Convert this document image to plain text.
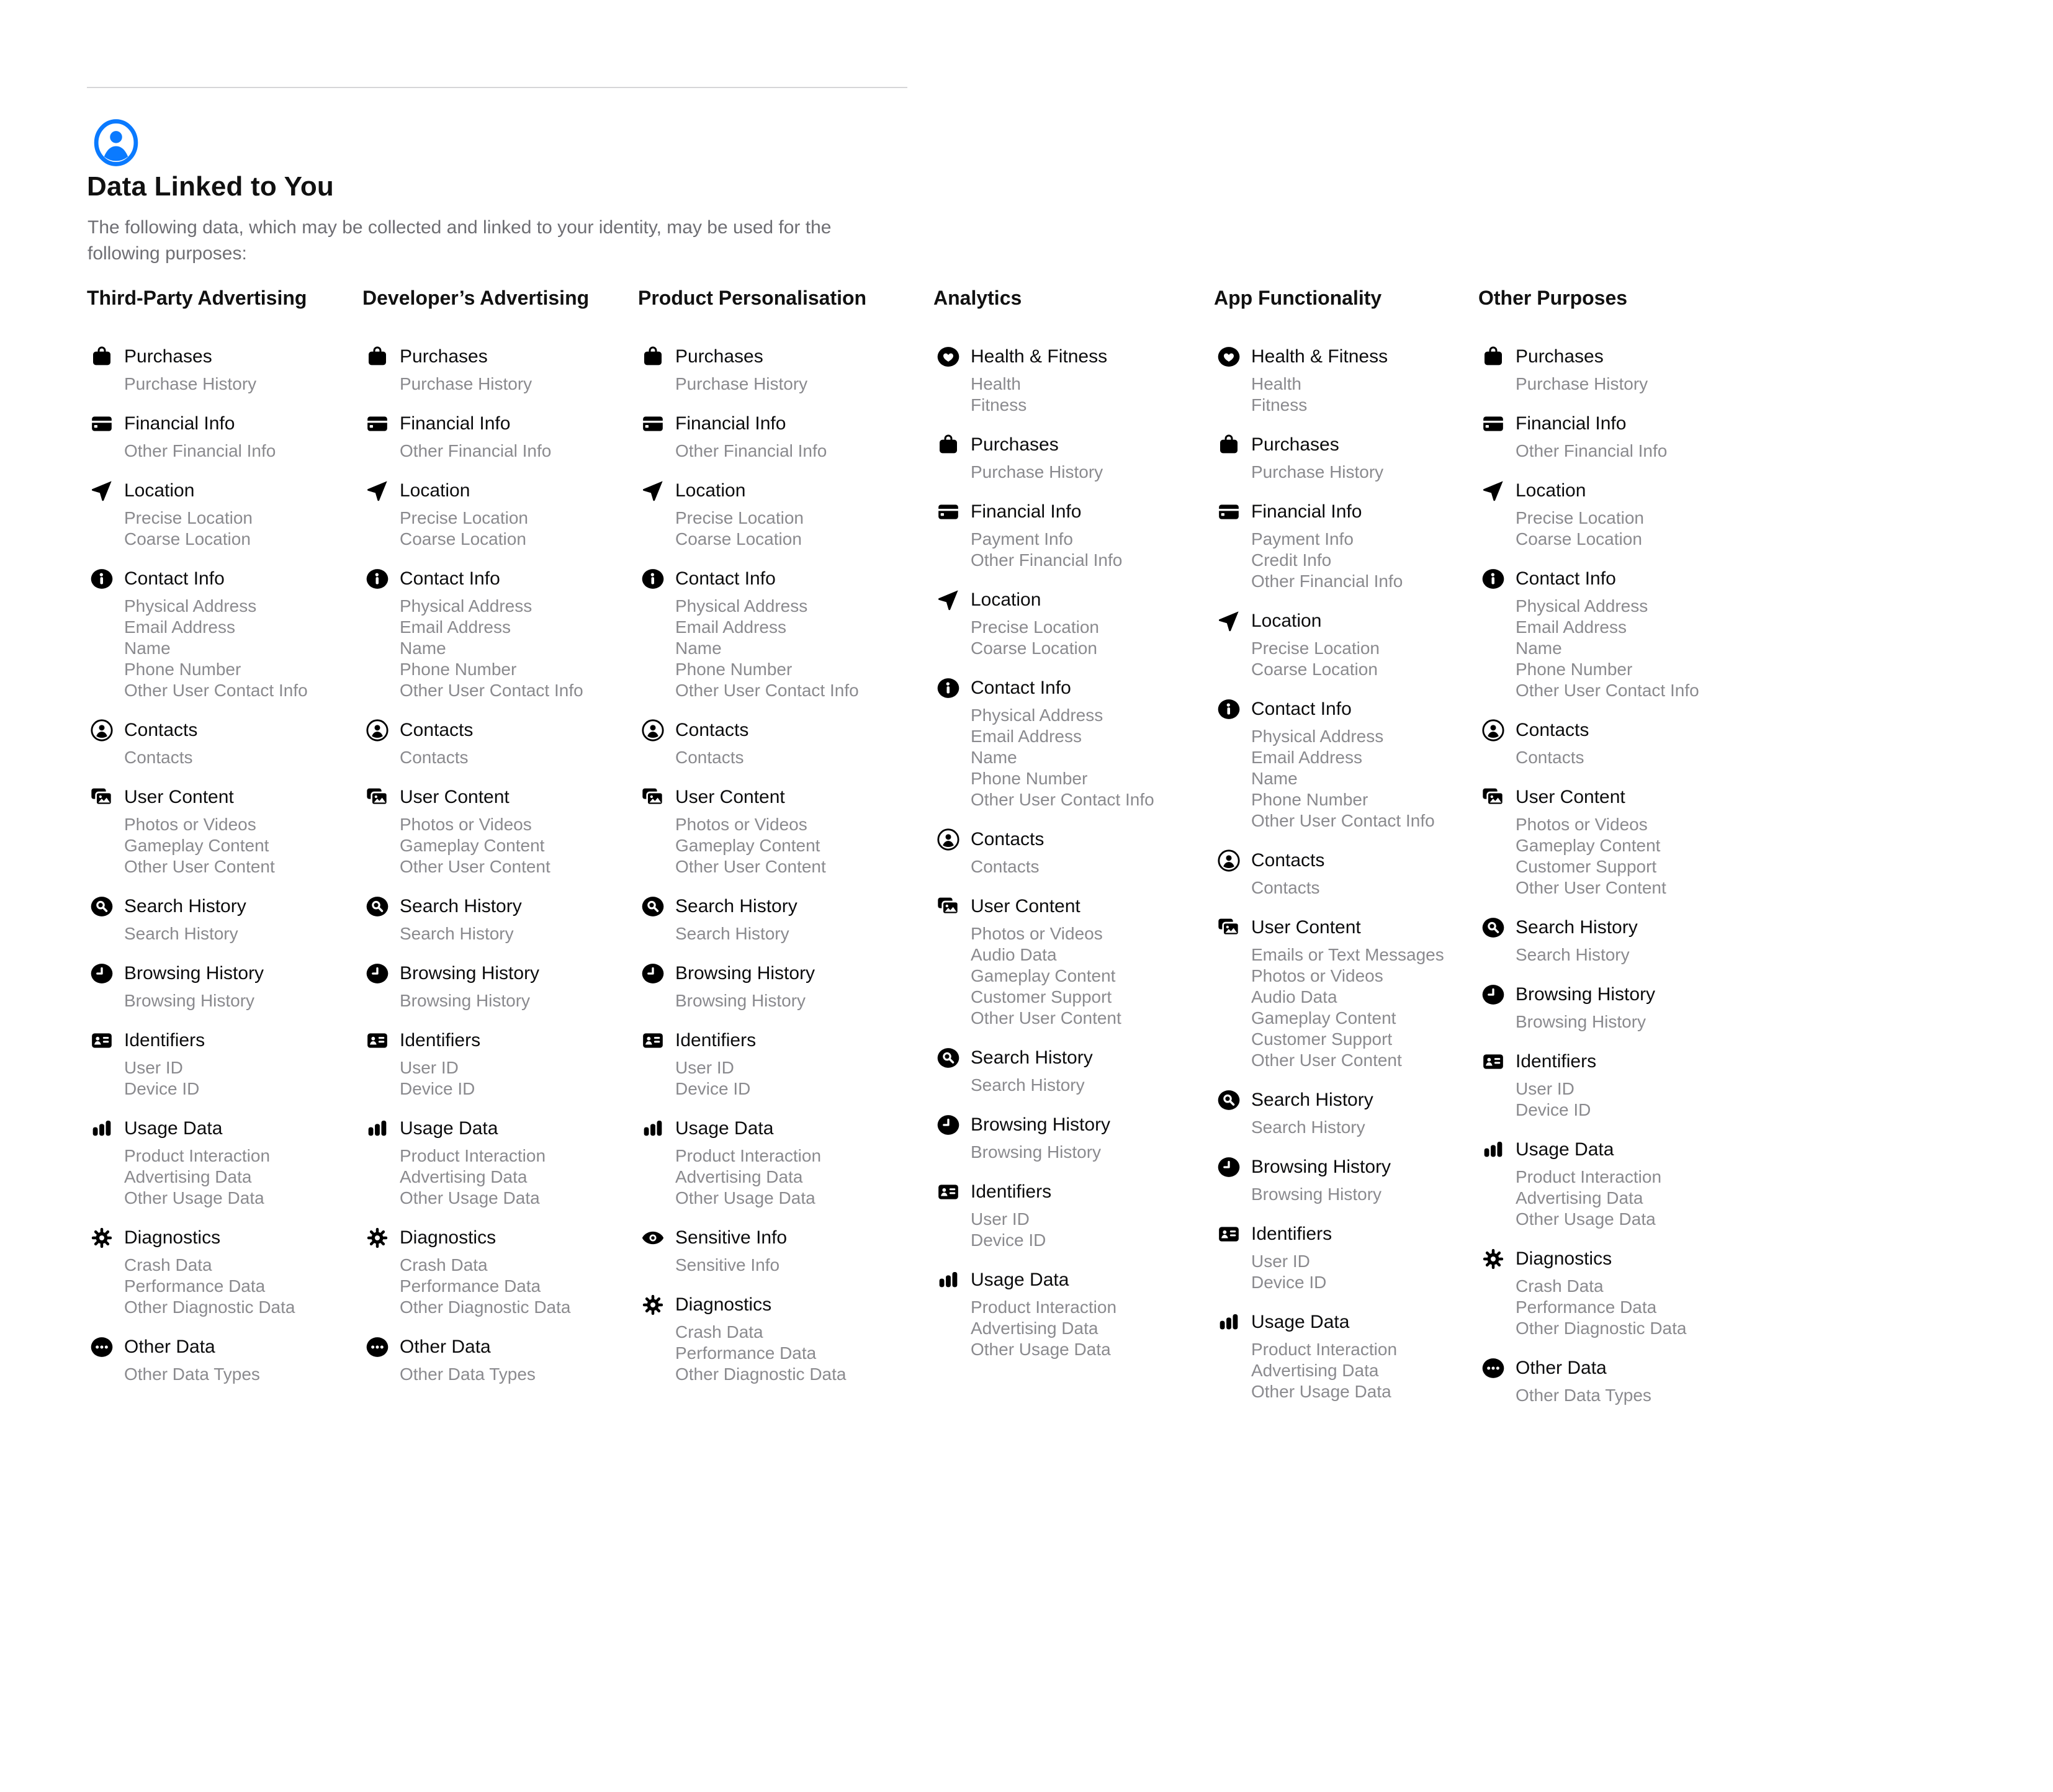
Data Linked to You
The following data, which may be collected and linked to your identity, may be used for the following purposes:
Third-Party Advertising
Purchases
Purchase History
Financial Info
Other Financial Info
Location
Precise Location
Coarse Location
Contact Info
Physical Address
Email Address
Name
Phone Number
Other User Contact Info
Contacts
Contacts
User Content
Photos or Videos
Gameplay Content
Other User Content
Search History
Search History
Browsing History
Browsing History
Identifiers
User ID
Device ID
Usage Data
Product Interaction
Advertising Data
Other Usage Data
Diagnostics
Crash Data
Performance Data
Other Diagnostic Data
Other Data
Other Data Types
Developer’s Advertising
Purchases
Purchase History
Financial Info
Other Financial Info
Location
Precise Location
Coarse Location
Contact Info
Physical Address
Email Address
Name
Phone Number
Other User Contact Info
Contacts
Contacts
User Content
Photos or Videos
Gameplay Content
Other User Content
Search History
Search History
Browsing History
Browsing History
Identifiers
User ID
Device ID
Usage Data
Product Interaction
Advertising Data
Other Usage Data
Diagnostics
Crash Data
Performance Data
Other Diagnostic Data
Other Data
Other Data Types
Product Personalisation
Purchases
Purchase History
Financial Info
Other Financial Info
Location
Precise Location
Coarse Location
Contact Info
Physical Address
Email Address
Name
Phone Number
Other User Contact Info
Contacts
Contacts
User Content
Photos or Videos
Gameplay Content
Other User Content
Search History
Search History
Browsing History
Browsing History
Identifiers
User ID
Device ID
Usage Data
Product Interaction
Advertising Data
Other Usage Data
Sensitive Info
Sensitive Info
Diagnostics
Crash Data
Performance Data
Other Diagnostic Data
Analytics
Health & Fitness
Health
Fitness
Purchases
Purchase History
Financial Info
Payment Info
Other Financial Info
Location
Precise Location
Coarse Location
Contact Info
Physical Address
Email Address
Name
Phone Number
Other User Contact Info
Contacts
Contacts
User Content
Photos or Videos
Audio Data
Gameplay Content
Customer Support
Other User Content
Search History
Search History
Browsing History
Browsing History
Identifiers
User ID
Device ID
Usage Data
Product Interaction
Advertising Data
Other Usage Data
App Functionality
Health & Fitness
Health
Fitness
Purchases
Purchase History
Financial Info
Payment Info
Credit Info
Other Financial Info
Location
Precise Location
Coarse Location
Contact Info
Physical Address
Email Address
Name
Phone Number
Other User Contact Info
Contacts
Contacts
User Content
Emails or Text Messages
Photos or Videos
Audio Data
Gameplay Content
Customer Support
Other User Content
Search History
Search History
Browsing History
Browsing History
Identifiers
User ID
Device ID
Usage Data
Product Interaction
Advertising Data
Other Usage Data
Other Purposes
Purchases
Purchase History
Financial Info
Other Financial Info
Location
Precise Location
Coarse Location
Contact Info
Physical Address
Email Address
Name
Phone Number
Other User Contact Info
Contacts
Contacts
User Content
Photos or Videos
Gameplay Content
Customer Support
Other User Content
Search History
Search History
Browsing History
Browsing History
Identifiers
User ID
Device ID
Usage Data
Product Interaction
Advertising Data
Other Usage Data
Diagnostics
Crash Data
Performance Data
Other Diagnostic Data
Other Data
Other Data Types
